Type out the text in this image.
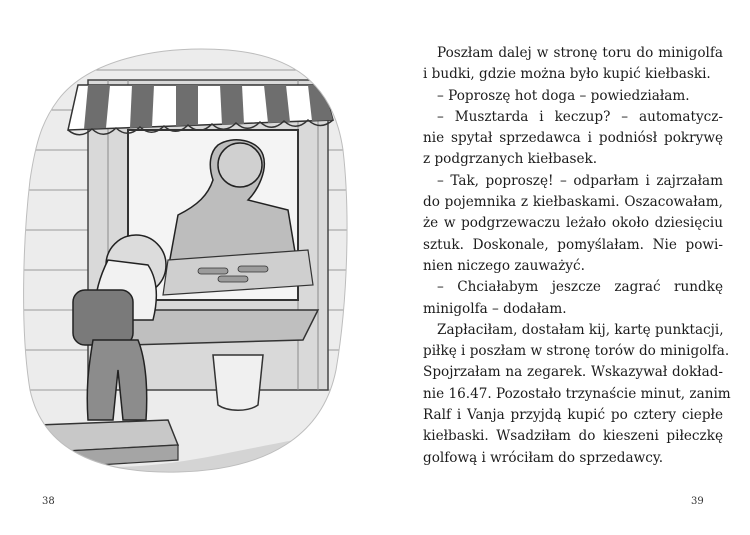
38
Poszłam dalej w stronę toru do minigolfa
i budki, gdzie można było kupić kiełbaski.
– Poproszę hot doga – powiedziałam.
– Musztarda i keczup? – automatycz-
nie spytał sprzedawca i podniósł pokrywę
z podgrzanych kiełbasek.
– Tak, poproszę! – odparłam i zajrzałam
do pojemnika z kiełbaskami. Oszacowałam,
że w podgrzewaczu leżało około dziesięciu
sztuk. Doskonale, pomyślałam. Nie powi-
nien niczego zauważyć.
– Chciałabym jeszcze zagrać rundkę
minigolfa – dodałam.
Zapłaciłam, dostałam kij, kartę punktacji,
piłkę i poszłam w stronę torów do minigolfa.
Spojrzałam na zegarek. Wskazywał dokład-
nie 16.47. Pozostało trzynaście minut, zanim
Ralf i Vanja przyjdą kupić po cztery ciepłe
kiełbaski. Wsadziłam do kieszeni piłeczkę
golfową i wróciłam do sprzedawcy.
39
